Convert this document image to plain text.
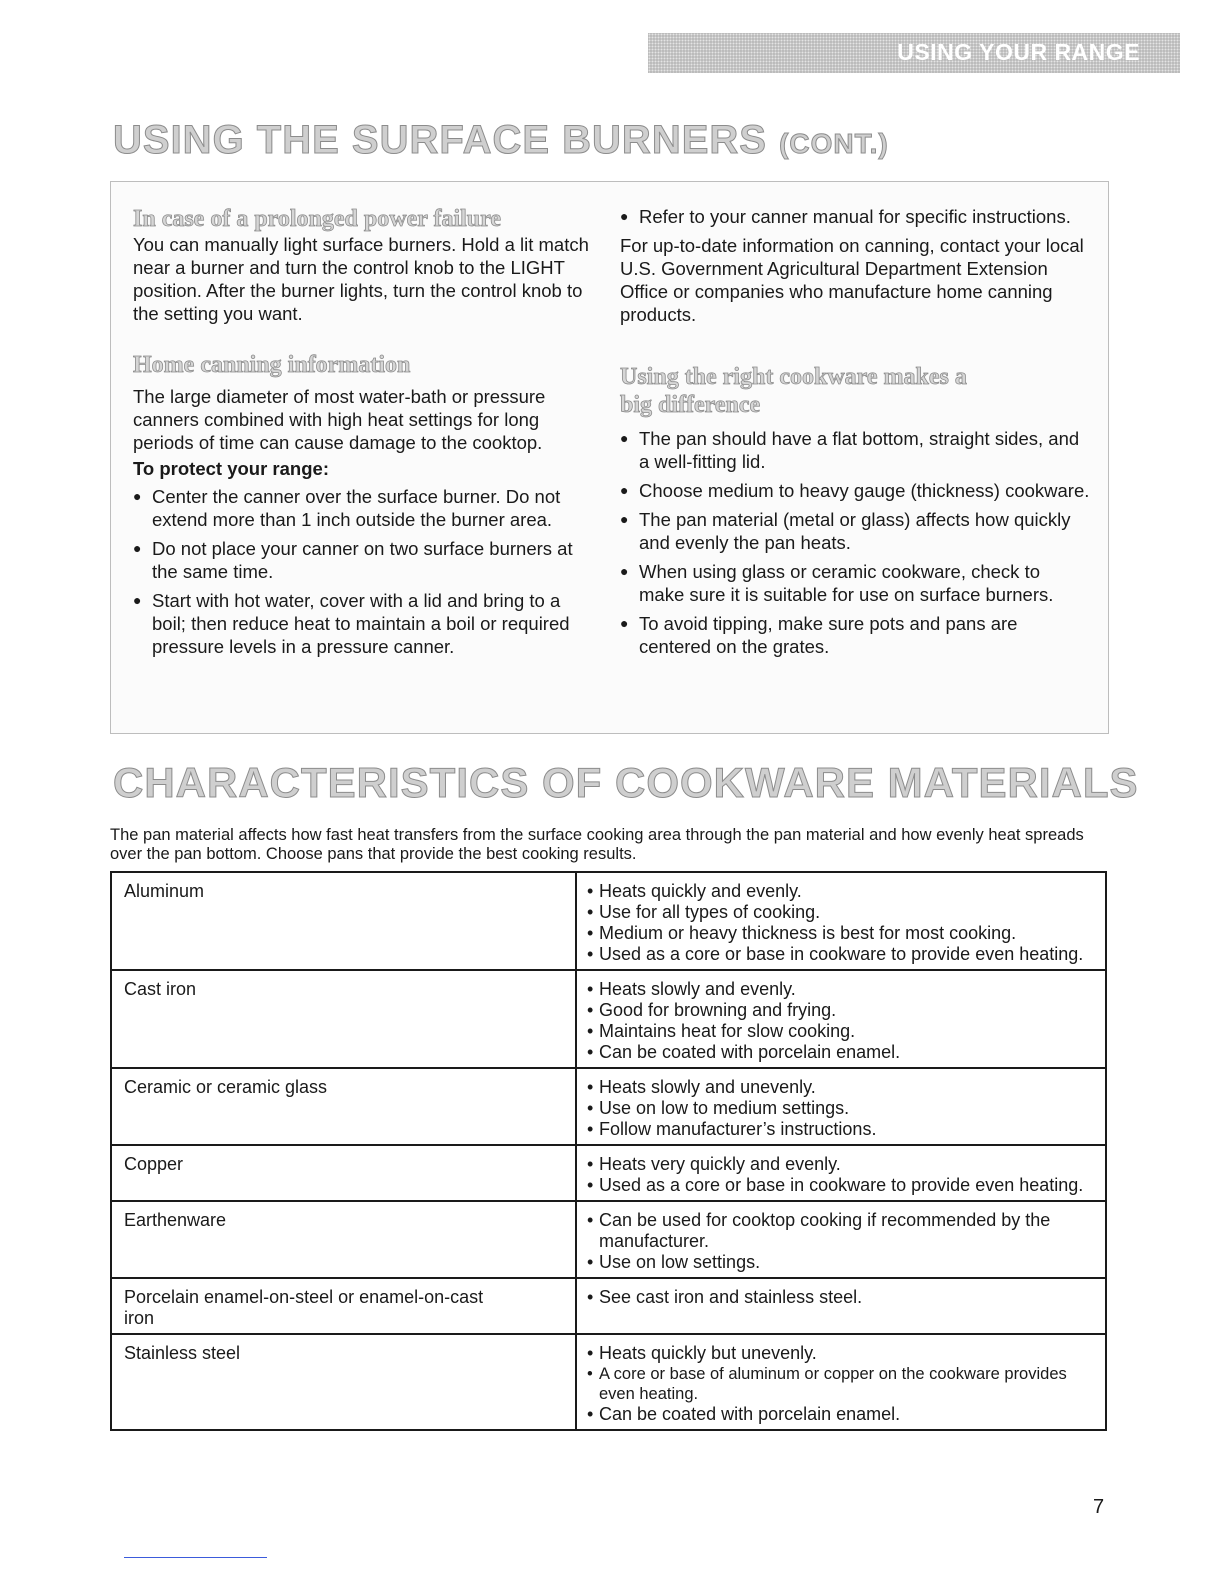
USING YOUR RANGE
USING THE SURFACE BURNERS (CONT.)
In case of a prolonged power failure

You can manually light surface burners. Hold a lit match near a burner and turn the control knob to the LIGHT position. After the burner lights, turn the control knob to the setting you want.

Home canning information

The large diameter of most water-bath or pressure canners combined with high heat settings for long periods of time can cause damage to the cooktop.

To protect your range:

● Center the canner over the surface burner. Do not extend more than 1 inch outside the burner area.
● Do not place your canner on two surface burners at the same time.
● Start with hot water, cover with a lid and bring to a boil; then reduce heat to maintain a boil or required pressure levels in a pressure canner.
● Refer to your canner manual for specific instructions.

For up-to-date information on canning, contact your local U.S. Government Agricultural Department Extension Office or companies who manufacture home canning products.

Using the right cookware makes a big difference
● The pan should have a flat bottom, straight sides, and a well-fitting lid.
● Choose medium to heavy gauge (thickness) cookware.
● The pan material (metal or glass) affects how quickly and evenly the pan heats.
● When using glass or ceramic cookware, check to make sure it is suitable for use on surface burners.
● To avoid tipping, make sure pots and pans are centered on the grates.
CHARACTERISTICS OF COOKWARE MATERIALS

The pan material affects how fast heat transfers from the surface cooking area through the pan material and how evenly heat spreads over the pan bottom. Choose pans that provide the best cooking results.

Aluminum	• Heats quickly and evenly.
• Use for all types of cooking.
• Medium or heavy thickness is best for most cooking.
• Used as a core or base in cookware to provide even heating.

Cast iron	• Heats slowly and evenly.
• Good for browning and frying.
• Maintains heat for slow cooking.
• Can be coated with porcelain enamel.

Ceramic or ceramic glass	• Heats slowly and unevenly.
• Use on low to medium settings.
• Follow manufacturer’s instructions.

Copper	• Heats very quickly and evenly.
• Used as a core or base in cookware to provide even heating.

Earthenware	• Can be used for cooktop cooking if recommended by the manufacturer.
• Use on low settings.

Porcelain enamel-on-steel or enamel-on-cast iron	• See cast iron and stainless steel.

Stainless steel	• Heats quickly but unevenly.
• A core or base of aluminum or copper on the cookware provides even heating.
• Can be coated with porcelain enamel.
7
